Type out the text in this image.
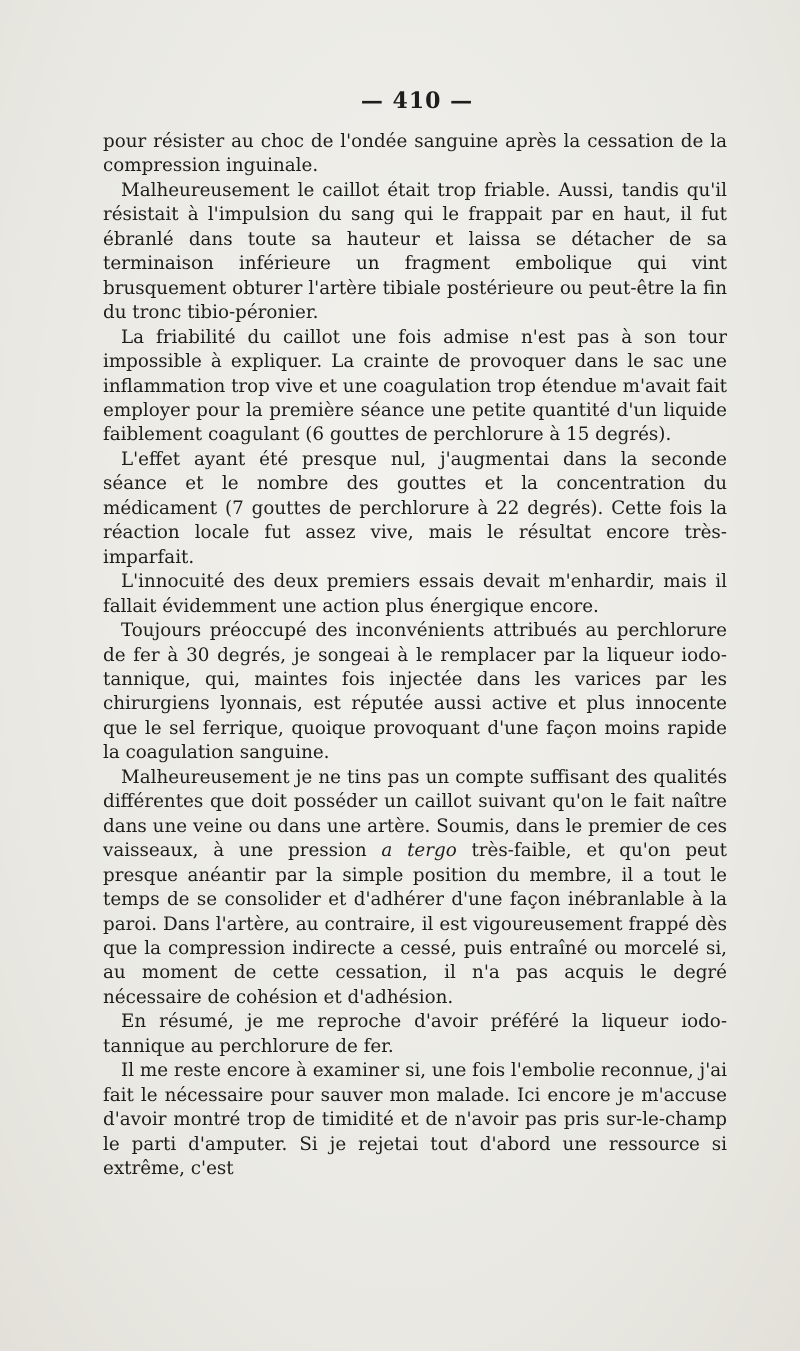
— 410 —

pour résister au choc de l'ondée sanguine après la cessation de la compression inguinale.

Malheureusement le caillot était trop friable. Aussi, tandis qu'il résistait à l'impulsion du sang qui le frappait par en haut, il fut ébranlé dans toute sa hauteur et laissa se détacher de sa terminaison inférieure un fragment embolique qui vint brusquement obturer l'artère tibiale postérieure ou peut-être la fin du tronc tibio-péronier.

La friabilité du caillot une fois admise n'est pas à son tour impossible à expliquer. La crainte de provoquer dans le sac une inflammation trop vive et une coagulation trop étendue m'avait fait employer pour la première séance une petite quantité d'un liquide faiblement coagulant (6 gouttes de perchlorure à 15 degrés).

L'effet ayant été presque nul, j'augmentai dans la seconde séance et le nombre des gouttes et la concentration du médicament (7 gouttes de perchlorure à 22 degrés). Cette fois la réaction locale fut assez vive, mais le résultat encore très-imparfait.

L'innocuité des deux premiers essais devait m'enhardir, mais il fallait évidemment une action plus énergique encore.

Toujours préoccupé des inconvénients attribués au perchlorure de fer à 30 degrés, je songeai à le remplacer par la liqueur iodo-tannique, qui, maintes fois injectée dans les varices par les chirurgiens lyonnais, est réputée aussi active et plus innocente que le sel ferrique, quoique provoquant d'une façon moins rapide la coagulation sanguine.

Malheureusement je ne tins pas un compte suffisant des qualités différentes que doit posséder un caillot suivant qu'on le fait naître dans une veine ou dans une artère. Soumis, dans le premier de ces vaisseaux, à une pression a tergo très-faible, et qu'on peut presque anéantir par la simple position du membre, il a tout le temps de se consolider et d'adhérer d'une façon inébranlable à la paroi. Dans l'artère, au contraire, il est vigoureusement frappé dès que la compression indirecte a cessé, puis entraîné ou morcelé si, au moment de cette cessation, il n'a pas acquis le degré nécessaire de cohésion et d'adhésion.

En résumé, je me reproche d'avoir préféré la liqueur iodo-tannique au perchlorure de fer.

Il me reste encore à examiner si, une fois l'embolie reconnue, j'ai fait le nécessaire pour sauver mon malade. Ici encore je m'accuse d'avoir montré trop de timidité et de n'avoir pas pris sur-le-champ le parti d'amputer. Si je rejetai tout d'abord une ressource si extrême, c'est
